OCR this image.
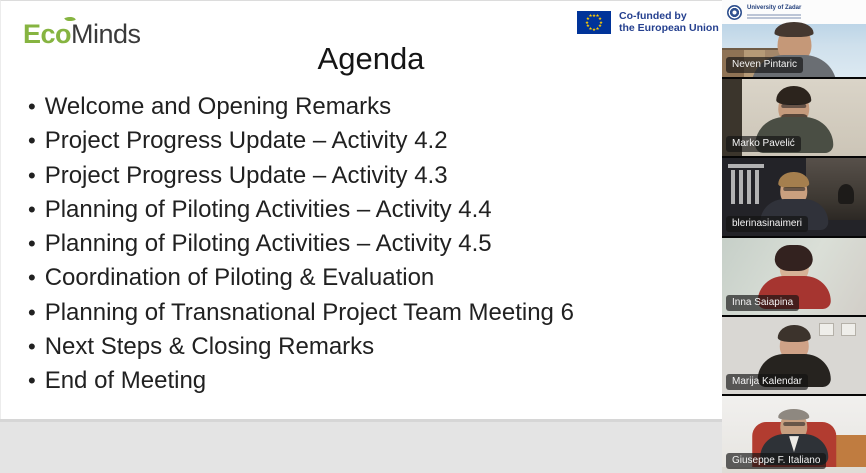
EcoMinds
★
★
★
★
★
★
★
★
★
★
★
★
Co-funded by
the European Union
Agenda
• Welcome and Opening Remarks
• Project Progress Update – Activity 4.2
• Project Progress Update – Activity 4.3
• Planning of Piloting Activities – Activity 4.4
• Planning of Piloting Activities – Activity 4.5
• Coordination of Piloting & Evaluation
• Planning of Transnational Project Team Meeting 6
• Next Steps & Closing Remarks
• End of Meeting
University of Zadar
Neven Pintaric
Marko Pavelić
blerinasinaimeri
Inna Saiapina
Marija Kalendar
Giuseppe F. Italiano
